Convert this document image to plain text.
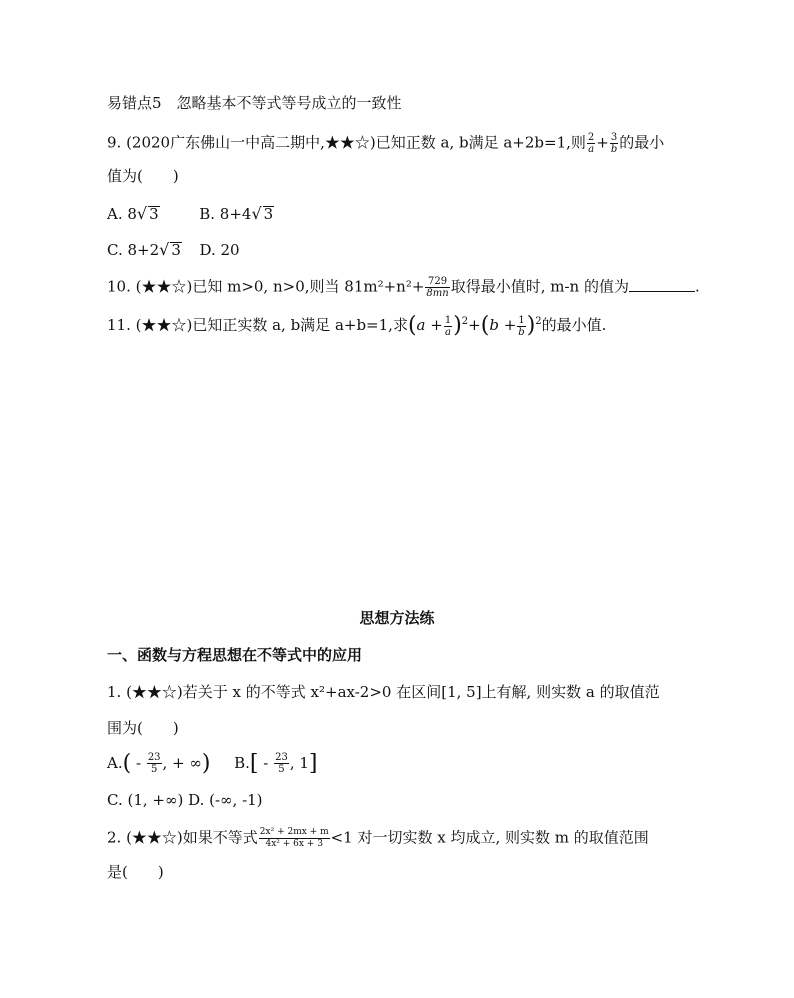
易错点5　忽略基本不等式等号成立的一致性
9. (2020广东佛山一中高二期中,★★☆)已知正数 a, b满足 a+2b=1,则 $\frac{2}{a} + \frac{3}{b}$ 的最小
值为(　　)
A. 8√ 3	B. 8+4√ 3
C. 8+2√ 3 D. 20
10. (★★☆)已知 m>0, n>0,则当 $81m^2+n^2+ \frac{729}{8mn}$ 取得最小值时, m-n 的值为	.
11. (★★☆)已知正实数 a, b满足 a+b=1,求$(a + \frac{1}{a} )^2+(b + \frac{1}{b} )^2$的最小值.
思想方法练
一、函数与方程思想在不等式中的应用
1. (★★☆)若关于 x 的不等式 x²+ax-2>0 在区间[1, 5]上有解, 则实数 a 的取值范
围为(　　)
$A.( - \frac{23}{5}$ , + ∞) $B.[ - \frac{23}{5}$ , 1]
C. (1, +∞) D. (-∞, -1)
2. (★★☆)如果不等式 $\frac{\text{2x² + 2mx + m}}{\text{4x² + 6x + 3}} <1$ 对一切实数 x 均成立, 则实数 m 的取值范围
是(　　)
